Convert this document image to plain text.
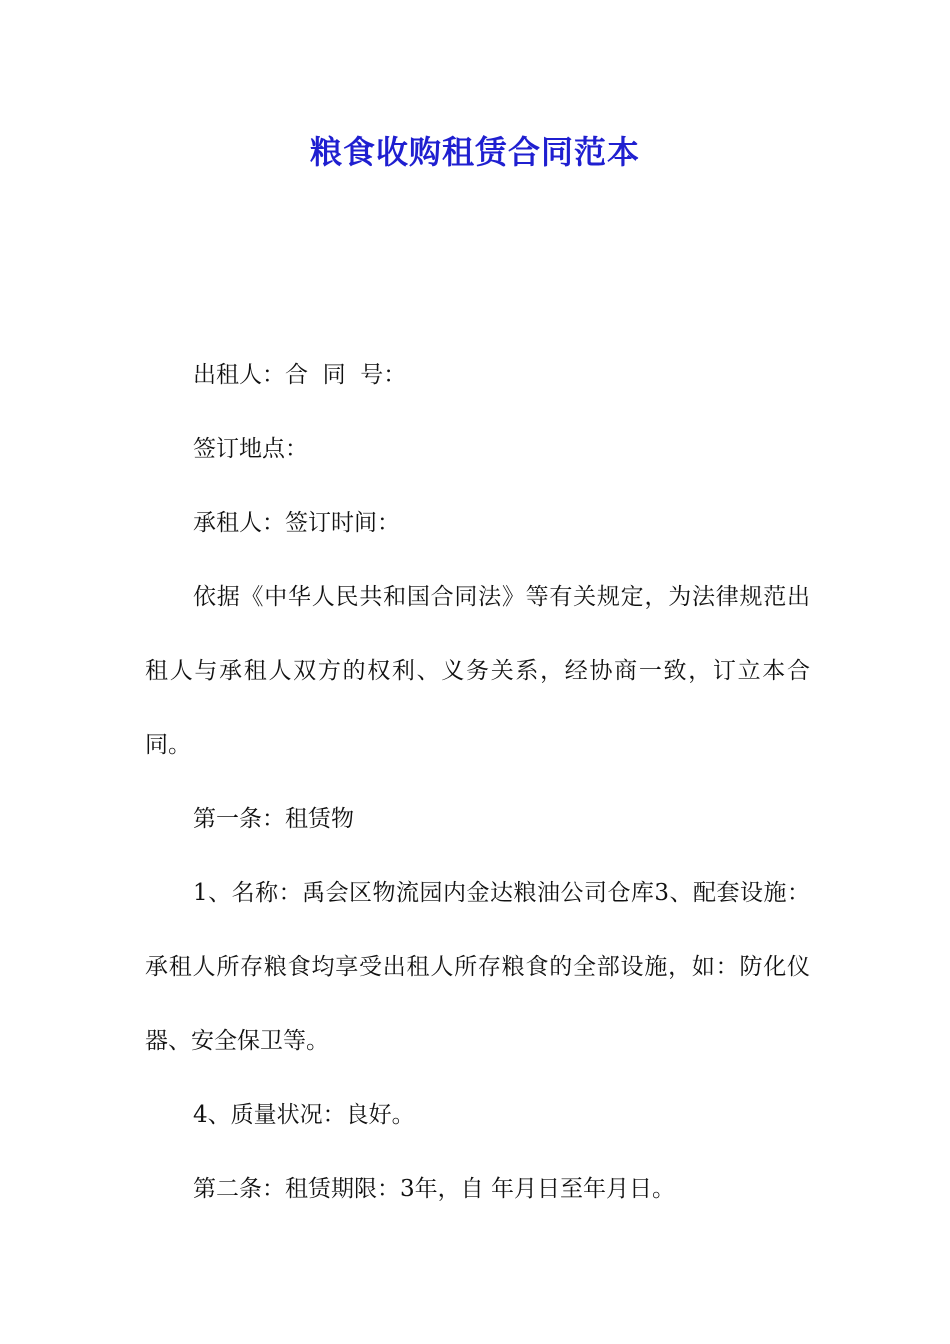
粮食收购租赁合同范本

出租人：合  同  号：

签订地点：

承租人：签订时间：

依据《中华人民共和国合同法》等有关规定，为法律规范出租人与承租人双方的权利、义务关系，经协商一致，订立本合同。

第一条：租赁物

1、名称：禹会区物流园内金达粮油公司仓库3、配套设施：承租人所存粮食均享受出租人所存粮食的全部设施，如：防化仪器、安全保卫等。

4、质量状况：良好。

第二条：租赁期限：3年，自 年月日至年月日。
